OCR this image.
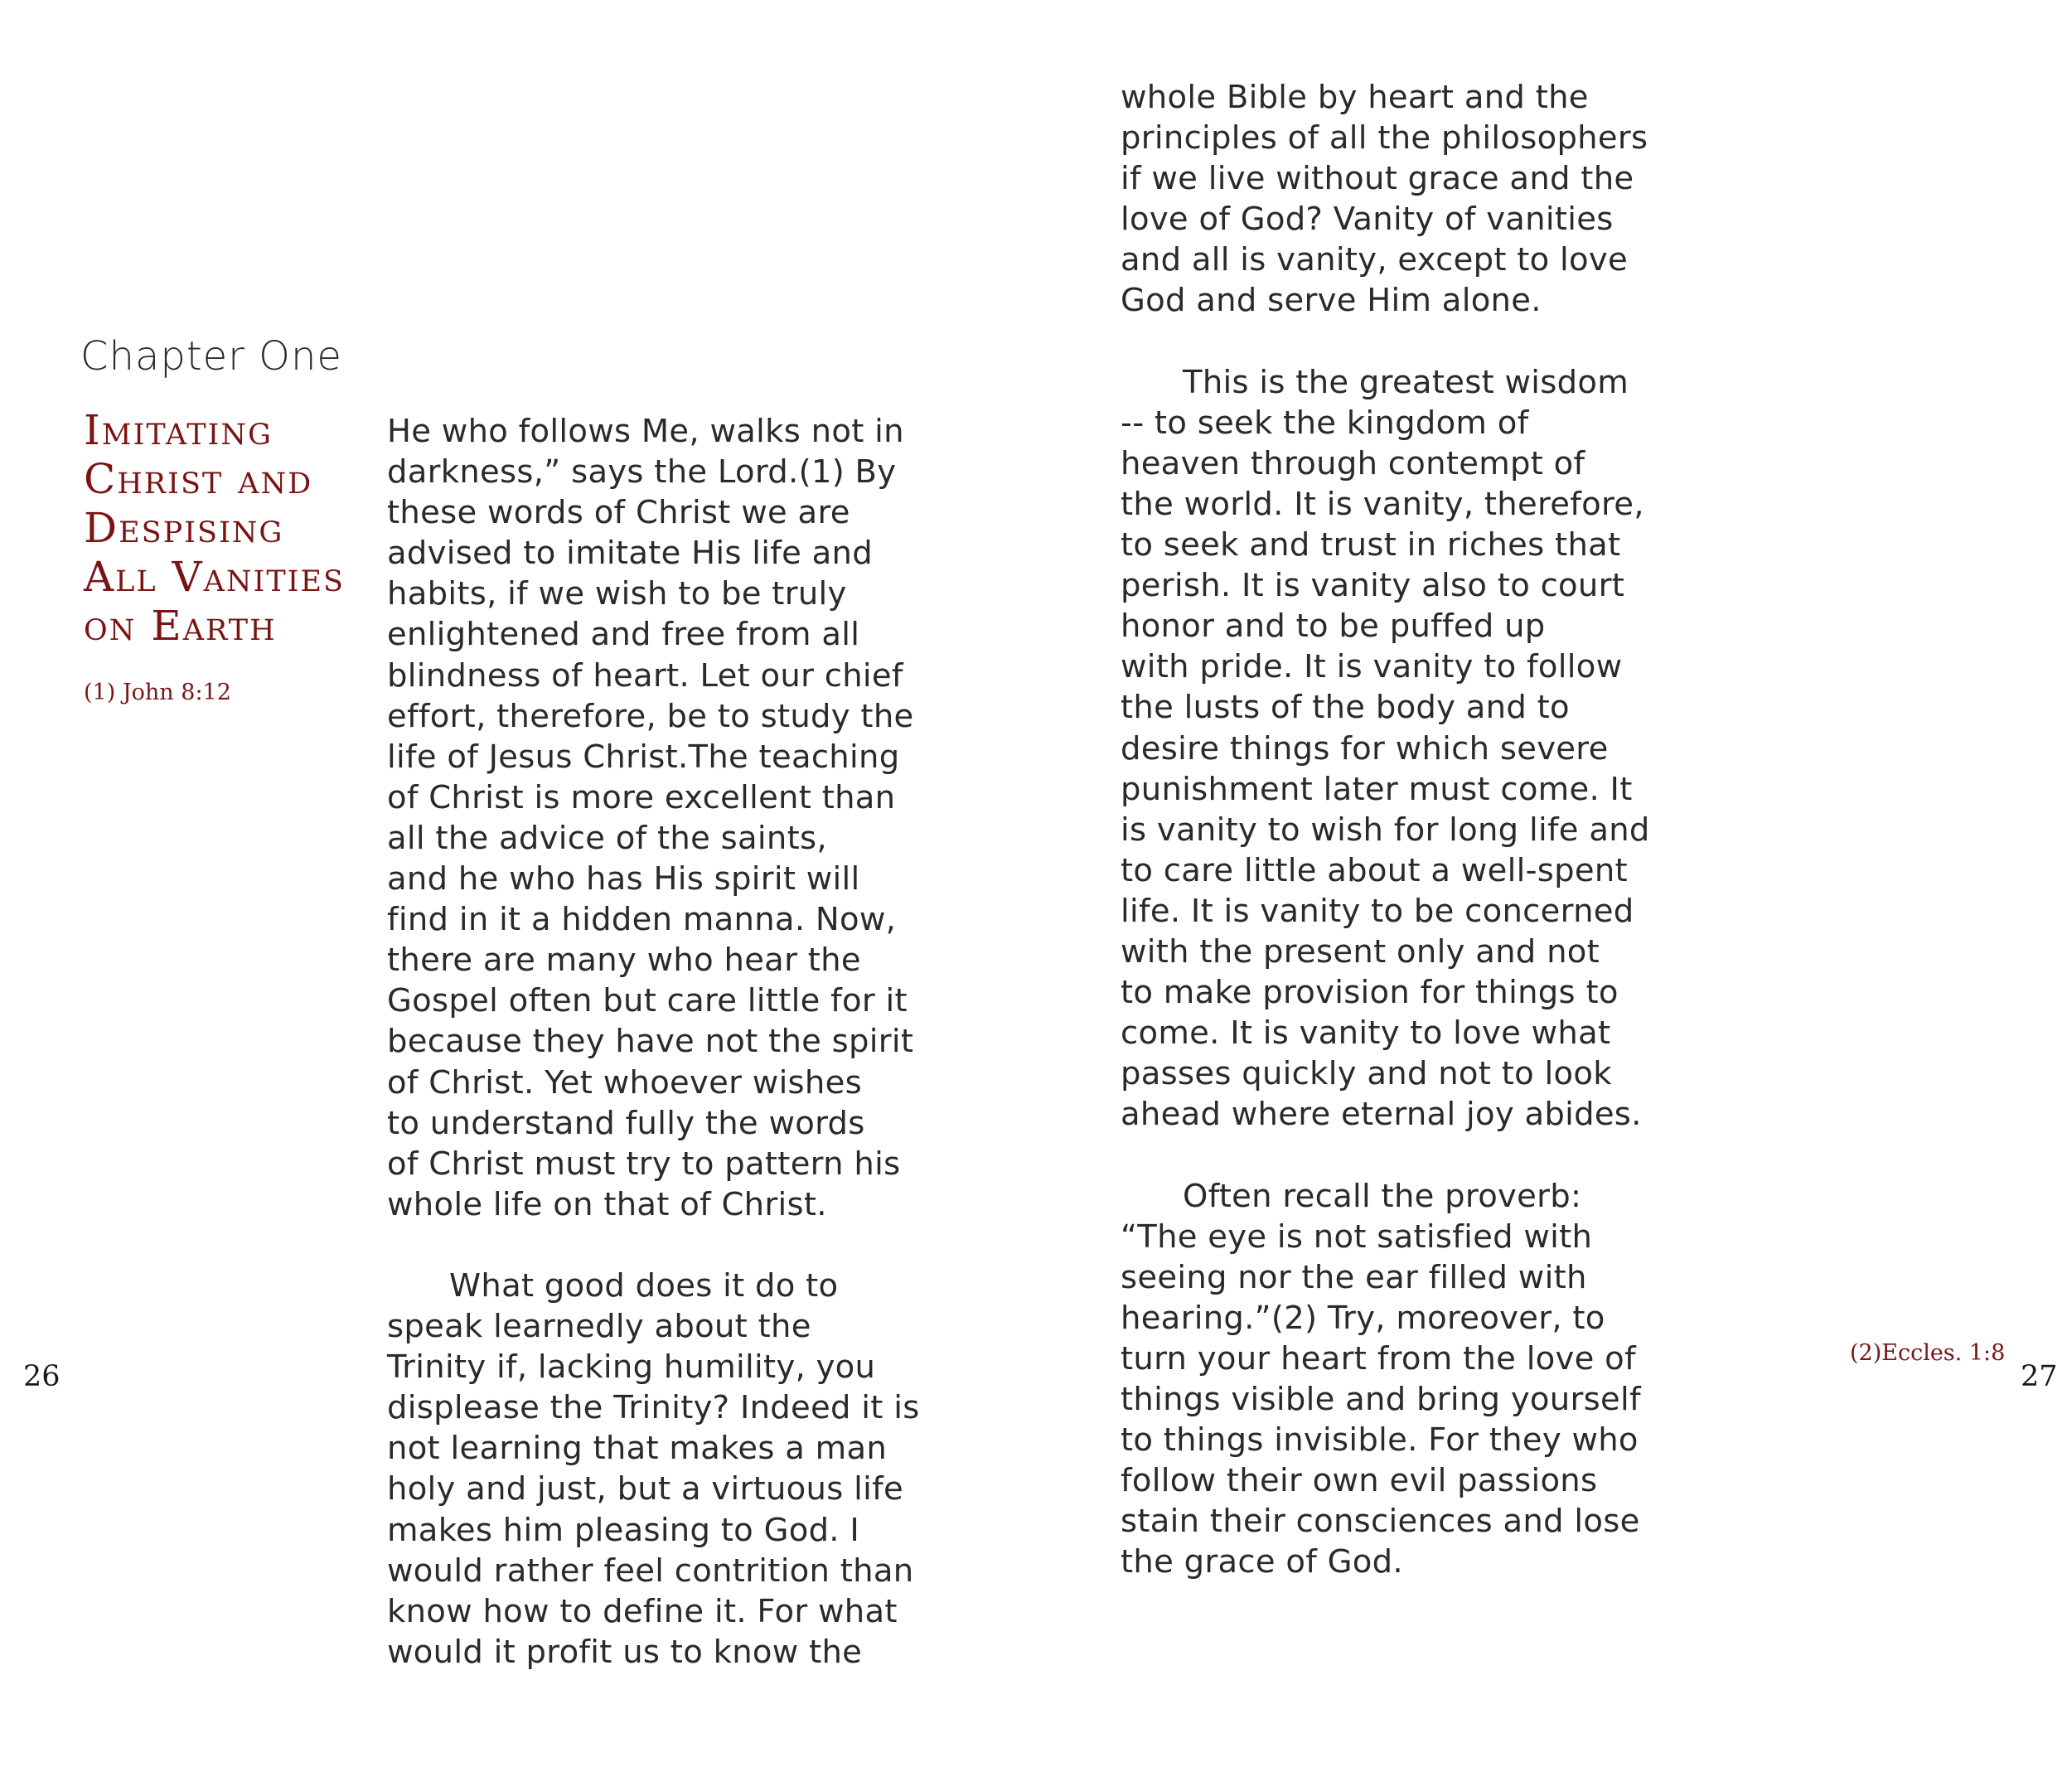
Chapter One
Imitating
Christ and
Despising
All Vanities
on Earth
(1) John 8:12
He who follows Me, walks not in
darkness,” says the Lord.(1) By
these words of Christ we are
advised to imitate His life and
habits, if we wish to be truly
enlightened and free from all
blindness of heart. Let our chief
effort, therefore, be to study the
life of Jesus Christ.The teaching
of Christ is more excellent than
all the advice of the saints,
and he who has His spirit will
find in it a hidden manna. Now,
there are many who hear the
Gospel often but care little for it
because they have not the spirit
of Christ. Yet whoever wishes
to understand fully the words
of Christ must try to pattern his
whole life on that of Christ.
What good does it do to
speak learnedly about the
Trinity if, lacking humility, you
displease the Trinity? Indeed it is
not learning that makes a man
holy and just, but a virtuous life
makes him pleasing to God. I
would rather feel contrition than
know how to define it. For what
would it profit us to know the
whole Bible by heart and the
principles of all the philosophers
if we live without grace and the
love of God? Vanity of vanities
and all is vanity, except to love
God and serve Him alone.
This is the greatest wisdom
-- to seek the kingdom of
heaven through contempt of
the world. It is vanity, therefore,
to seek and trust in riches that
perish. It is vanity also to court
honor and to be puffed up
with pride. It is vanity to follow
the lusts of the body and to
desire things for which severe
punishment later must come. It
is vanity to wish for long life and
to care little about a well-spent
life. It is vanity to be concerned
with the present only and not
to make provision for things to
come. It is vanity to love what
passes quickly and not to look
ahead where eternal joy abides.
Often recall the proverb:
“The eye is not satisfied with
seeing nor the ear filled with
hearing.”(2) Try, moreover, to
turn your heart from the love of
things visible and bring yourself
to things invisible. For they who
follow their own evil passions
stain their consciences and lose
the grace of God.
(2)Eccles. 1:8
26	27
